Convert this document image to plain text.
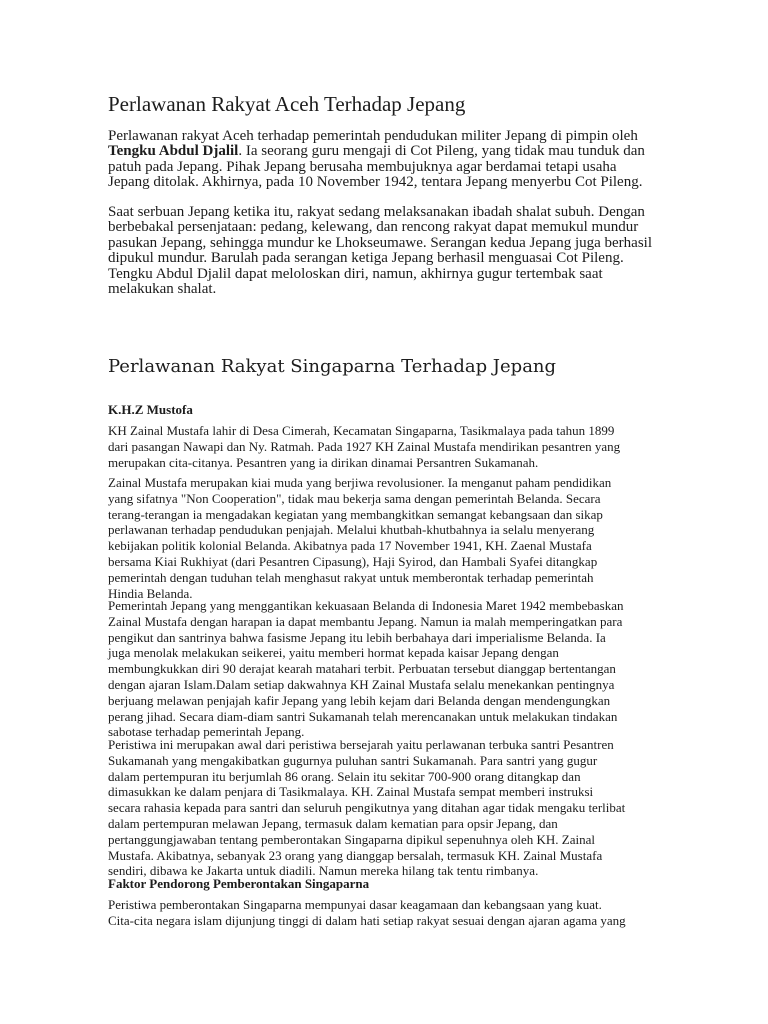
Perlawanan Rakyat Aceh Terhadap Jepang

Perlawanan rakyat Aceh terhadap pemerintah pendudukan militer Jepang di pimpin oleh
Tengku Abdul Djalil. Ia seorang guru mengaji di Cot Pileng, yang tidak mau tunduk dan
patuh pada Jepang. Pihak Jepang berusaha membujuknya agar berdamai tetapi usaha
Jepang ditolak. Akhirnya, pada 10 November 1942, tentara Jepang menyerbu Cot Pileng.

Saat serbuan Jepang ketika itu, rakyat sedang melaksanakan ibadah shalat subuh. Dengan
berbebakal persenjataan: pedang, kelewang, dan rencong rakyat dapat memukul mundur
pasukan Jepang, sehingga mundur ke Lhokseumawe. Serangan kedua Jepang juga berhasil
dipukul mundur. Barulah pada serangan ketiga Jepang berhasil menguasai Cot Pileng.
Tengku Abdul Djalil dapat meloloskan diri, namun, akhirnya gugur tertembak saat
melakukan shalat.

Perlawanan Rakyat Singaparna Terhadap Jepang

K.H.Z Mustofa

KH Zainal Mustafa lahir di Desa Cimerah, Kecamatan Singaparna, Tasikmalaya pada tahun 1899
dari pasangan Nawapi dan Ny. Ratmah. Pada 1927 KH Zainal Mustafa mendirikan pesantren yang
merupakan cita-citanya. Pesantren yang ia dirikan dinamai Persantren Sukamanah.

Zainal Mustafa merupakan kiai muda yang berjiwa revolusioner. Ia menganut paham pendidikan
yang sifatnya "Non Cooperation", tidak mau bekerja sama dengan pemerintah Belanda. Secara
terang-terangan ia mengadakan kegiatan yang membangkitkan semangat kebangsaan dan sikap
perlawanan terhadap pendudukan penjajah. Melalui khutbah-khutbahnya ia selalu menyerang
kebijakan politik kolonial Belanda. Akibatnya pada 17 November 1941, KH. Zaenal Mustafa
bersama Kiai Rukhiyat (dari Pesantren Cipasung), Haji Syirod, dan Hambali Syafei ditangkap
pemerintah dengan tuduhan telah menghasut rakyat untuk memberontak terhadap pemerintah
Hindia Belanda.

Pemerintah Jepang yang menggantikan kekuasaan Belanda di Indonesia Maret 1942 membebaskan
Zainal Mustafa dengan harapan ia dapat membantu Jepang. Namun ia malah memperingatkan para
pengikut dan santrinya bahwa fasisme Jepang itu lebih berbahaya dari imperialisme Belanda. Ia
juga menolak melakukan seikerei, yaitu memberi hormat kepada kaisar Jepang dengan
membungkukkan diri 90 derajat kearah matahari terbit. Perbuatan tersebut dianggap bertentangan
dengan ajaran Islam.Dalam setiap dakwahnya KH Zainal Mustafa selalu menekankan pentingnya
berjuang melawan penjajah kafir Jepang yang lebih kejam dari Belanda dengan mendengungkan
perang jihad. Secara diam-diam santri Sukamanah telah merencanakan untuk melakukan tindakan
sabotase terhadap pemerintah Jepang.

Peristiwa ini merupakan awal dari peristiwa bersejarah yaitu perlawanan terbuka santri Pesantren
Sukamanah yang mengakibatkan gugurnya puluhan santri Sukamanah. Para santri yang gugur
dalam pertempuran itu berjumlah 86 orang. Selain itu sekitar 700-900 orang ditangkap dan
dimasukkan ke dalam penjara di Tasikmalaya. KH. Zainal Mustafa sempat memberi instruksi
secara rahasia kepada para santri dan seluruh pengikutnya yang ditahan agar tidak mengaku terlibat
dalam pertempuran melawan Jepang, termasuk dalam kematian para opsir Jepang, dan
pertanggungjawaban tentang pemberontakan Singaparna dipikul sepenuhnya oleh KH. Zainal
Mustafa. Akibatnya, sebanyak 23 orang yang dianggap bersalah, termasuk KH. Zainal Mustafa
sendiri, dibawa ke Jakarta untuk diadili. Namun mereka hilang tak tentu rimbanya.

Faktor Pendorong Pemberontakan Singaparna

Peristiwa pemberontakan Singaparna mempunyai dasar keagamaan dan kebangsaan yang kuat.
Cita-cita negara islam dijunjung tinggi di dalam hati setiap rakyat sesuai dengan ajaran agama yang
